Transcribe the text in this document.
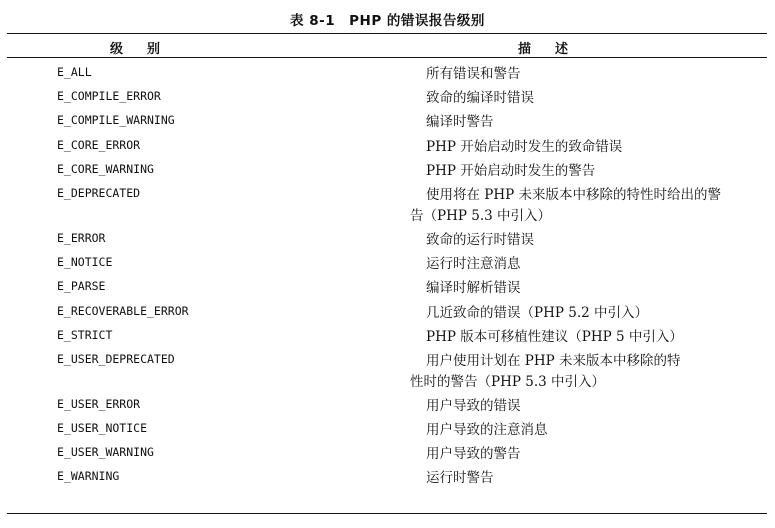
表 8-1　PHP 的错误报告级别
级别	描述
E_ALL	所有错误和警告
E_COMPILE_ERROR	致命的编译时错误
E_COMPILE_WARNING	编译时警告
E_CORE_ERROR	PHP 开始启动时发生的致命错误
E_CORE_WARNING	PHP 开始启动时发生的警告
E_DEPRECATED	使用将在 PHP 未来版本中移除的特性时给出的警

告（PHP 5.3 中引入）
E_ERROR	致命的运行时错误
E_NOTICE	运行时注意消息
E_PARSE	编译时解析错误
E_RECOVERABLE_ERROR	几近致命的错误（PHP 5.2 中引入）
E_STRICT	PHP 版本可移植性建议（PHP 5 中引入）
E_USER_DEPRECATED	用户使用计划在 PHP 未来版本中移除的特

性时的警告（PHP 5.3 中引入）
E_USER_ERROR	用户导致的错误
E_USER_NOTICE	用户导致的注意消息
E_USER_WARNING	用户导致的警告
E_WARNING	运行时警告
